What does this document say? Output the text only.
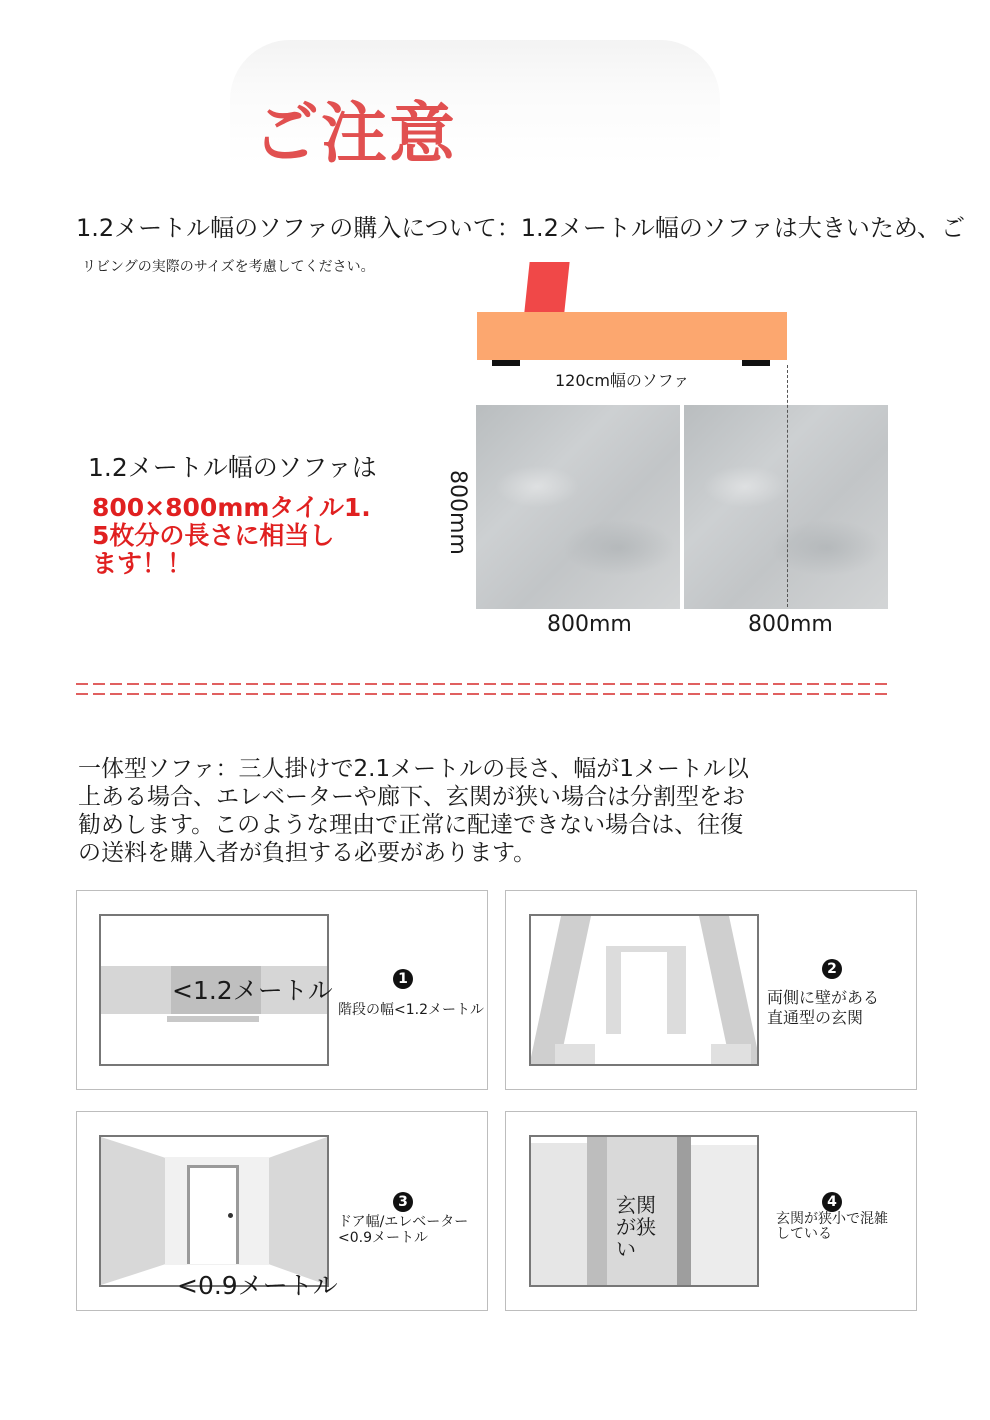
ご注意
1.2メートル幅のソファの購入について：1.2メートル幅のソファは大きいため、ご
リビングの実際のサイズを考慮してください。
120cm幅のソファ
800mm
800mm	800mm
1.2メートル幅のソファは
800×800mmタイル1.
5枚分の長さに相当し
ます！！
一体型ソファ：三人掛けで2.1メートルの長さ、幅が1メートル以
上ある場合、エレベーターや廊下、玄関が狭い場合は分割型をお
勧めします。このような理由で正常に配達できない場合は、往復
の送料を購入者が負担する必要があります。
<1.2メートル	1
階段の幅<1.2メートル
2
両側に壁がある
直通型の玄関
<0.9メートル
3
ドア幅/エレベーター
<0.9メートル
玄関
が狭
い
4
玄関が狭小で混雑
している
